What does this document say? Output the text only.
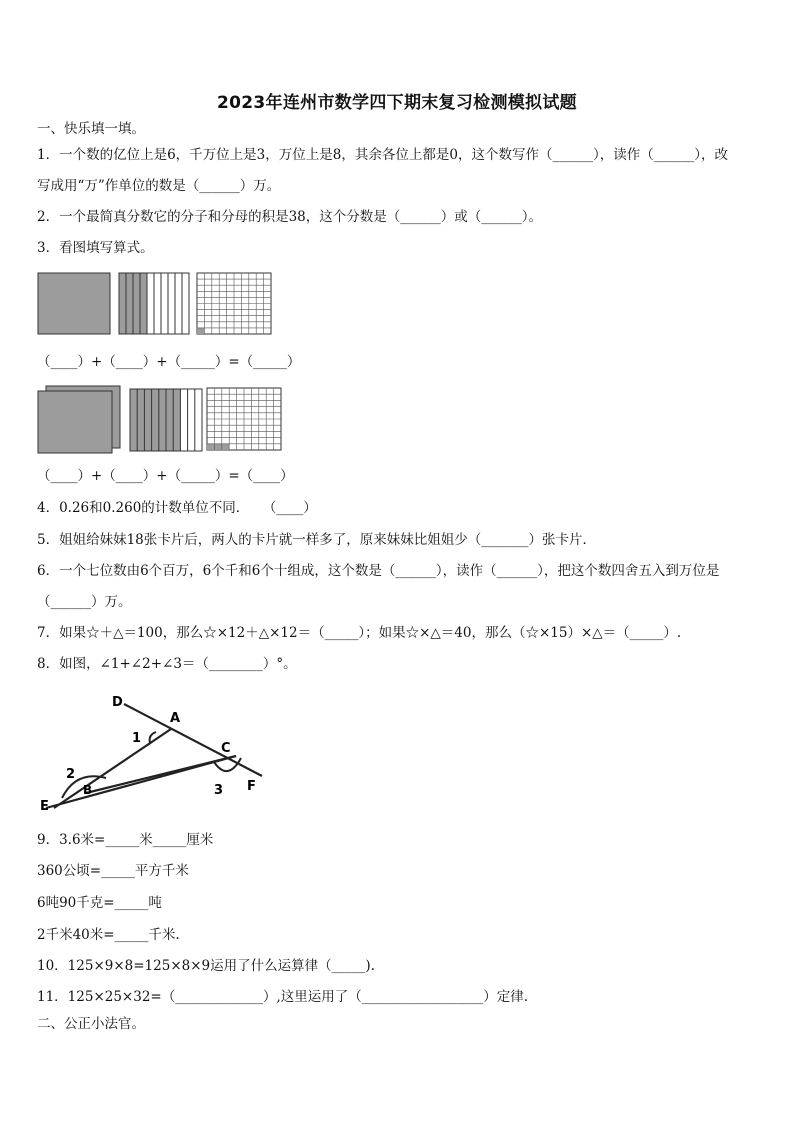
2023年连州市数学四下期末复习检测模拟试题
一、快乐填一填。
1．一个数的亿位上是6，千万位上是3，万位上是8，其余各位上都是0，这个数写作（______），读作（______），改
写成用“万”作单位的数是（______）万。
2．一个最简真分数它的分子和分母的积是38，这个分数是（______）或（______）。
3．看图填写算式。
（____）+（____）+（_____）=（_____）
（____）+（____）+（_____）=（____）
4．0.26和0.260的计数单位不同．　　（____）
5．姐姐给妹妹18张卡片后，两人的卡片就一样多了，原来妹妹比姐姐少（_______）张卡片．
6．一个七位数由6个百万，6个千和6个十组成，这个数是（______），读作（______），把这个数四舍五入到万位是
（______）万。
7．如果☆＋△＝100，那么☆×12＋△×12＝（_____）；如果☆×△＝40，那么（☆×15）×△＝（_____）.
8．如图，∠1+∠2+∠3＝（________）°。
D
A
C
F
E
B
1
2
3
9．3.6米=_____米_____厘米
360公顷=_____平方千米
6吨90千克=_____吨
2千米40米=_____千米.
10．125×9×8=125×8×9运用了什么运算律（_____).
11．125×25×32=（_____________）,这里运用了（__________________）定律.
二、公正小法官。
